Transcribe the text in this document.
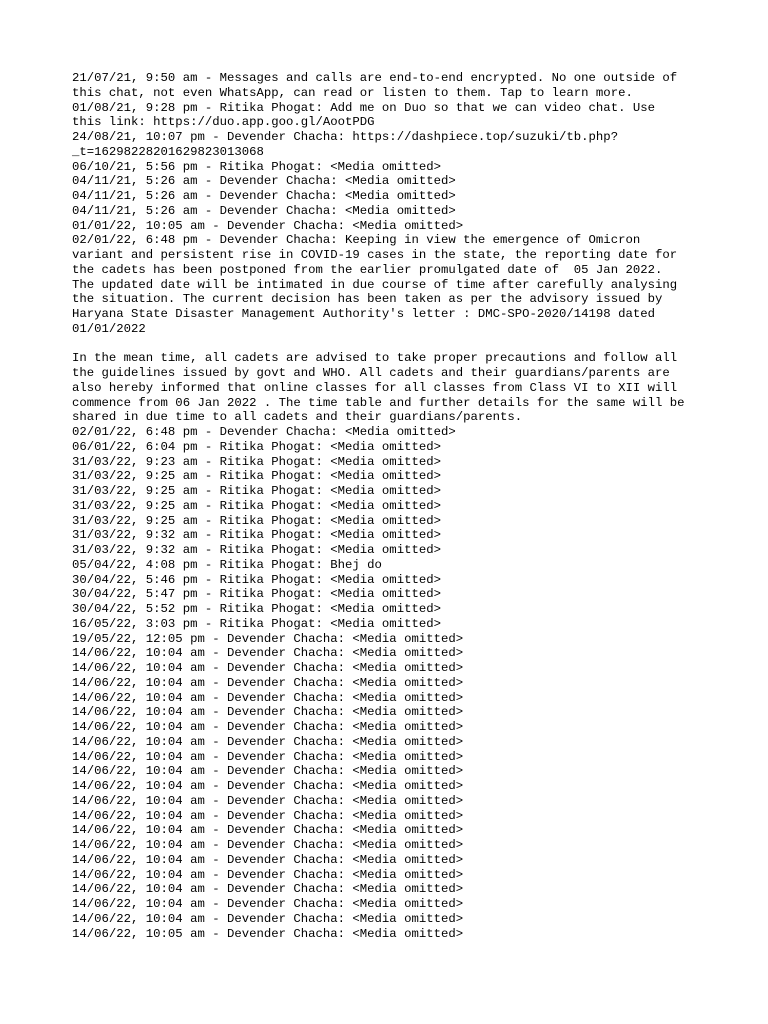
21/07/21, 9:50 am - Messages and calls are end-to-end encrypted. No one outside of
this chat, not even WhatsApp, can read or listen to them. Tap to learn more.
01/08/21, 9:28 pm - Ritika Phogat: Add me on Duo so that we can video chat. Use
this link: https://duo.app.goo.gl/AootPDG
24/08/21, 10:07 pm - Devender Chacha: https://dashpiece.top/suzuki/tb.php?
_t=16298228201629823013068
06/10/21, 5:56 pm - Ritika Phogat: <Media omitted>
04/11/21, 5:26 am - Devender Chacha: <Media omitted>
04/11/21, 5:26 am - Devender Chacha: <Media omitted>
04/11/21, 5:26 am - Devender Chacha: <Media omitted>
01/01/22, 10:05 am - Devender Chacha: <Media omitted>
02/01/22, 6:48 pm - Devender Chacha: Keeping in view the emergence of Omicron
variant and persistent rise in COVID-19 cases in the state, the reporting date for
the cadets has been postponed from the earlier promulgated date of  05 Jan 2022.
The updated date will be intimated in due course of time after carefully analysing
the situation. The current decision has been taken as per the advisory issued by
Haryana State Disaster Management Authority's letter : DMC-SPO-2020/14198 dated
01/01/2022
In the mean time, all cadets are advised to take proper precautions and follow all
the guidelines issued by govt and WHO. All cadets and their guardians/parents are
also hereby informed that online classes for all classes from Class VI to XII will
commence from 06 Jan 2022 . The time table and further details for the same will be
shared in due time to all cadets and their guardians/parents.
02/01/22, 6:48 pm - Devender Chacha: <Media omitted>
06/01/22, 6:04 pm - Ritika Phogat: <Media omitted>
31/03/22, 9:23 am - Ritika Phogat: <Media omitted>
31/03/22, 9:25 am - Ritika Phogat: <Media omitted>
31/03/22, 9:25 am - Ritika Phogat: <Media omitted>
31/03/22, 9:25 am - Ritika Phogat: <Media omitted>
31/03/22, 9:25 am - Ritika Phogat: <Media omitted>
31/03/22, 9:32 am - Ritika Phogat: <Media omitted>
31/03/22, 9:32 am - Ritika Phogat: <Media omitted>
05/04/22, 4:08 pm - Ritika Phogat: Bhej do
30/04/22, 5:46 pm - Ritika Phogat: <Media omitted>
30/04/22, 5:47 pm - Ritika Phogat: <Media omitted>
30/04/22, 5:52 pm - Ritika Phogat: <Media omitted>
16/05/22, 3:03 pm - Ritika Phogat: <Media omitted>
19/05/22, 12:05 pm - Devender Chacha: <Media omitted>
14/06/22, 10:04 am - Devender Chacha: <Media omitted>
14/06/22, 10:04 am - Devender Chacha: <Media omitted>
14/06/22, 10:04 am - Devender Chacha: <Media omitted>
14/06/22, 10:04 am - Devender Chacha: <Media omitted>
14/06/22, 10:04 am - Devender Chacha: <Media omitted>
14/06/22, 10:04 am - Devender Chacha: <Media omitted>
14/06/22, 10:04 am - Devender Chacha: <Media omitted>
14/06/22, 10:04 am - Devender Chacha: <Media omitted>
14/06/22, 10:04 am - Devender Chacha: <Media omitted>
14/06/22, 10:04 am - Devender Chacha: <Media omitted>
14/06/22, 10:04 am - Devender Chacha: <Media omitted>
14/06/22, 10:04 am - Devender Chacha: <Media omitted>
14/06/22, 10:04 am - Devender Chacha: <Media omitted>
14/06/22, 10:04 am - Devender Chacha: <Media omitted>
14/06/22, 10:04 am - Devender Chacha: <Media omitted>
14/06/22, 10:04 am - Devender Chacha: <Media omitted>
14/06/22, 10:04 am - Devender Chacha: <Media omitted>
14/06/22, 10:04 am - Devender Chacha: <Media omitted>
14/06/22, 10:04 am - Devender Chacha: <Media omitted>
14/06/22, 10:05 am - Devender Chacha: <Media omitted>
